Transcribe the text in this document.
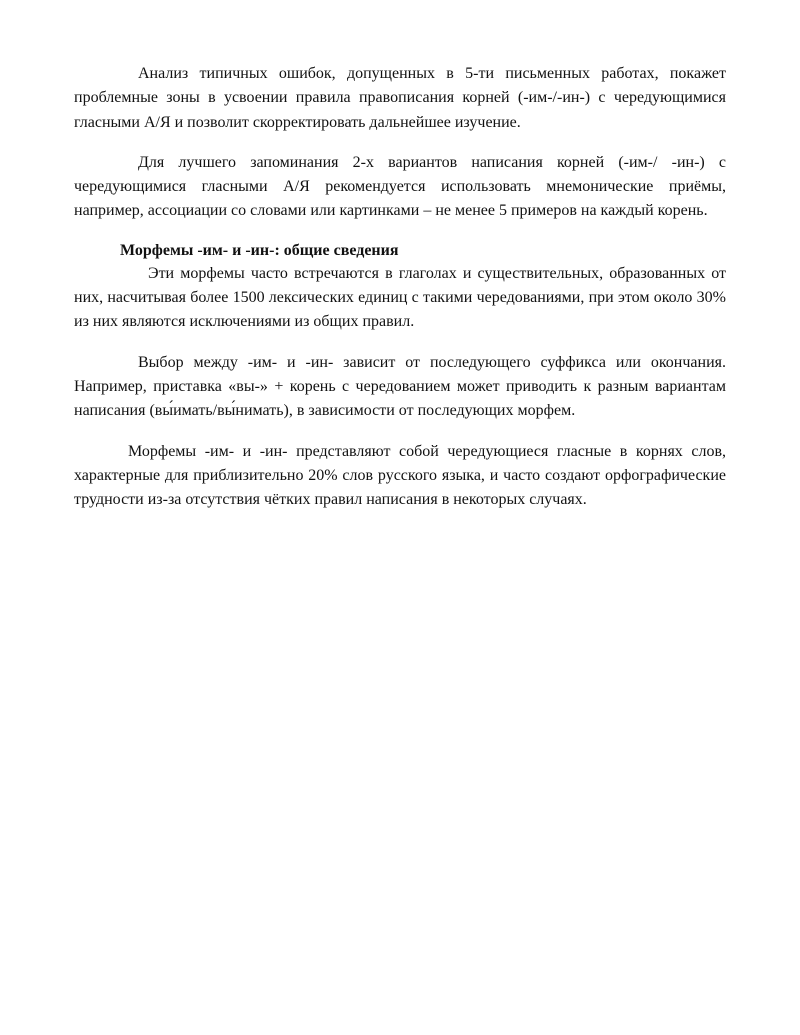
Анализ типичных ошибок, допущенных в 5-ти письменных работах, покажет проблемные зоны в усвоении правила правописания корней (-им-/-ин-) с чередующимися гласными А/Я и позволит скорректировать дальнейшее изучение.

Для лучшего запоминания 2-х вариантов написания корней (-им-/ -ин-) с чередующимися гласными А/Я рекомендуется использовать мнемонические приёмы, например, ассоциации со словами или картинками – не менее 5 примеров на каждый корень.

Морфемы -им- и -ин-: общие сведения

Эти морфемы часто встречаются в глаголах и существительных, образованных от них, насчитывая более 1500 лексических единиц с такими чередованиями, при этом около 30% из них являются исключениями из общих правил.

Выбор между -им- и -ин- зависит от последующего суффикса или окончания. Например, приставка «вы-» + корень с чередованием может приводить к разным вариантам написания (вы́имать/вы́нимать), в зависимости от последующих морфем.

Морфемы -им- и -ин- представляют собой чередующиеся гласные в корнях слов, характерные для приблизительно 20% слов русского языка, и часто создают орфографические трудности из-за отсутствия чётких правил написания в некоторых случаях.
